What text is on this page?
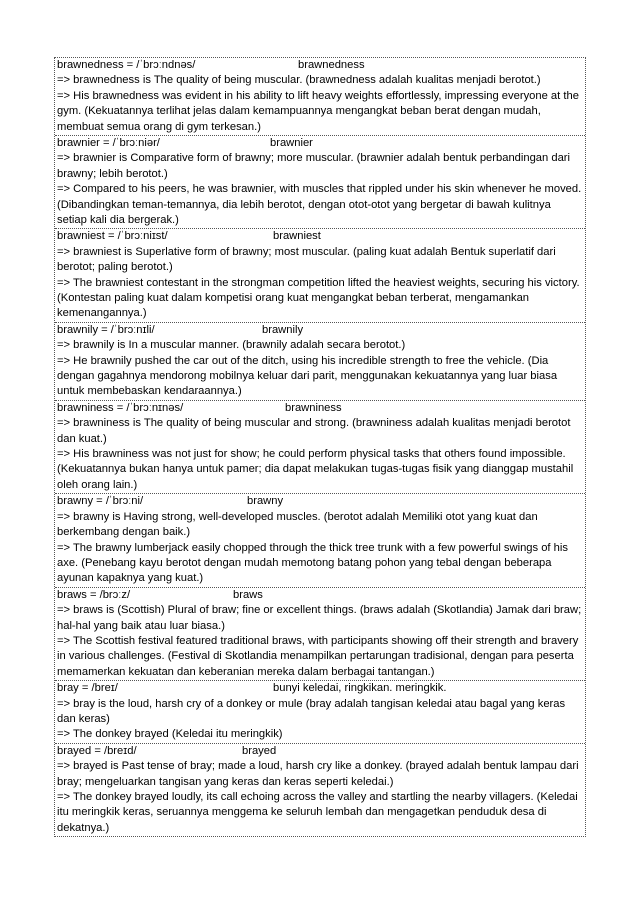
brawnedness = /ˈbrɔːndnəs/	brawnedness
=> brawnedness is The quality of being muscular. (brawnedness adalah kualitas menjadi berotot.)
=> His brawnedness was evident in his ability to lift heavy weights effortlessly, impressing everyone at the gym. (Kekuatannya terlihat jelas dalam kemampuannya mengangkat beban berat dengan mudah, membuat semua orang di gym terkesan.)
brawnier = /ˈbrɔːniər/	brawnier
=> brawnier is Comparative form of brawny; more muscular. (brawnier adalah bentuk perbandingan dari brawny; lebih berotot.)
=> Compared to his peers, he was brawnier, with muscles that rippled under his skin whenever he moved. (Dibandingkan teman-temannya, dia lebih berotot, dengan otot-otot yang bergetar di bawah kulitnya setiap kali dia bergerak.)
brawniest = /ˈbrɔːniɪst/	brawniest
=> brawniest is Superlative form of brawny; most muscular. (paling kuat adalah Bentuk superlatif dari berotot; paling berotot.)
=> The brawniest contestant in the strongman competition lifted the heaviest weights, securing his victory. (Kontestan paling kuat dalam kompetisi orang kuat mengangkat beban terberat, mengamankan kemenangannya.)
brawnily = /ˈbrɔːnɪli/	brawnily
=> brawnily is In a muscular manner. (brawnily adalah secara berotot.)
=> He brawnily pushed the car out of the ditch, using his incredible strength to free the vehicle. (Dia dengan gagahnya mendorong mobilnya keluar dari parit, menggunakan kekuatannya yang luar biasa untuk membebaskan kendaraannya.)
brawniness = /ˈbrɔːnɪnəs/	brawniness
=> brawniness is The quality of being muscular and strong. (brawniness adalah kualitas menjadi berotot dan kuat.)
=> His brawniness was not just for show; he could perform physical tasks that others found impossible. (Kekuatannya bukan hanya untuk pamer; dia dapat melakukan tugas-tugas fisik yang dianggap mustahil oleh orang lain.)
brawny = /ˈbrɔːni/	brawny
=> brawny is Having strong, well-developed muscles. (berotot adalah Memiliki otot yang kuat dan berkembang dengan baik.)
=> The brawny lumberjack easily chopped through the thick tree trunk with a few powerful swings of his axe. (Penebang kayu berotot dengan mudah memotong batang pohon yang tebal dengan beberapa ayunan kapaknya yang kuat.)
braws = /brɔːz/	braws
=> braws is (Scottish) Plural of braw; fine or excellent things. (braws adalah (Skotlandia) Jamak dari braw; hal-hal yang baik atau luar biasa.)
=> The Scottish festival featured traditional braws, with participants showing off their strength and bravery in various challenges. (Festival di Skotlandia menampilkan pertarungan tradisional, dengan para peserta memamerkan kekuatan dan keberanian mereka dalam berbagai tantangan.)
bray = /breɪ/	bunyi keledai, ringkikan. meringkik.
=> bray is the loud, harsh cry of a donkey or mule (bray adalah tangisan keledai atau bagal yang keras dan keras)
=> The donkey brayed (Keledai itu meringkik)
brayed = /breɪd/	brayed
=> brayed is Past tense of bray; made a loud, harsh cry like a donkey. (brayed adalah bentuk lampau dari bray; mengeluarkan tangisan yang keras dan keras seperti keledai.)
=> The donkey brayed loudly, its call echoing across the valley and startling the nearby villagers. (Keledai itu meringkik keras, seruannya menggema ke seluruh lembah dan mengagetkan penduduk desa di dekatnya.)
